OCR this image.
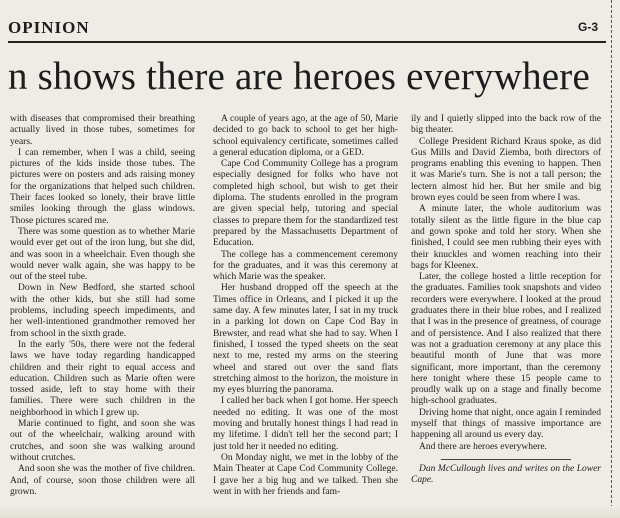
OPINION	G-3
n shows there are heroes everywhere

with diseases that compromised their breathing actually lived in those tubes, sometimes for years.

I can remember, when I was a child, seeing pictures of the kids inside those tubes. The pictures were on posters and ads raising money for the organizations that helped such children. Their faces looked so lonely, their brave little smiles looking through the glass windows. Those pictures scared me.

There was some question as to whether Marie would ever get out of the iron lung, but she did, and was soon in a wheelchair. Even though she would never walk again, she was happy to be out of the steel tube.

Down in New Bedford, she started school with the other kids, but she still had some problems, including speech impediments, and her well-intentioned grandmother removed her from school in the sixth grade.

In the early '50s, there were not the federal laws we have today regarding handicapped children and their right to equal access and education. Children such as Marie often were tossed aside, left to stay home with their families. There were such children in the neighborhood in which I grew up.

Marie continued to fight, and soon she was out of the wheelchair, walking around with crutches, and soon she was walking around without crutches.

And soon she was the mother of five children. And, of course, soon those children were all grown.

A couple of years ago, at the age of 50, Marie decided to go back to school to get her high-school equivalency certificate, sometimes called a general education diploma, or a GED.

Cape Cod Community College has a program especially designed for folks who have not completed high school, but wish to get their diploma. The students enrolled in the program are given special help, tutoring and special classes to prepare them for the standardized test prepared by the Massachusetts Department of Education.

The college has a commencement ceremony for the graduates, and it was this ceremony at which Marie was the speaker.

Her husband dropped off the speech at the Times office in Orleans, and I picked it up the same day. A few minutes later, I sat in my truck in a parking lot down on Cape Cod Bay in Brewster, and read what she had to say. When I finished, I tossed the typed sheets on the seat next to me, rested my arms on the steering wheel and stared out over the sand flats stretching almost to the horizon, the moisture in my eyes blurring the panorama.

I called her back when I got home. Her speech needed no editing. It was one of the most moving and brutally honest things I had read in my lifetime. I didn't tell her the second part; I just told her it needed no editing.

On Monday night, we met in the lobby of the Main Theater at Cape Cod Community College. I gave her a big hug and we talked. Then she went in with her friends and fam-

ily and I quietly slipped into the back row of the big theater.

College President Richard Kraus spoke, as did Gus Mills and David Ziemba, both directors of programs enabling this evening to happen. Then it was Marie's turn. She is not a tall person; the lectern almost hid her. But her smile and big brown eyes could be seen from where I was.

A minute later, the whole auditorium was totally silent as the little figure in the blue cap and gown spoke and told her story. When she finished, I could see men rubbing their eyes with their knuckles and women reaching into their bags for Kleenex.

Later, the college hosted a little reception for the graduates. Families took snapshots and video recorders were everywhere. I looked at the proud graduates there in their blue robes, and I realized that I was in the presence of greatness, of courage and of persistence. And I also realized that there was not a graduation ceremony at any place this beautiful month of June that was more significant, more important, than the ceremony here tonight where these 15 people came to proudly walk up on a stage and finally become high-school graduates.

Driving home that night, once again I reminded myself that things of massive importance are happening all around us every day.

And there are heroes everywhere.

Dan McCullough lives and writes on the Lower Cape.
